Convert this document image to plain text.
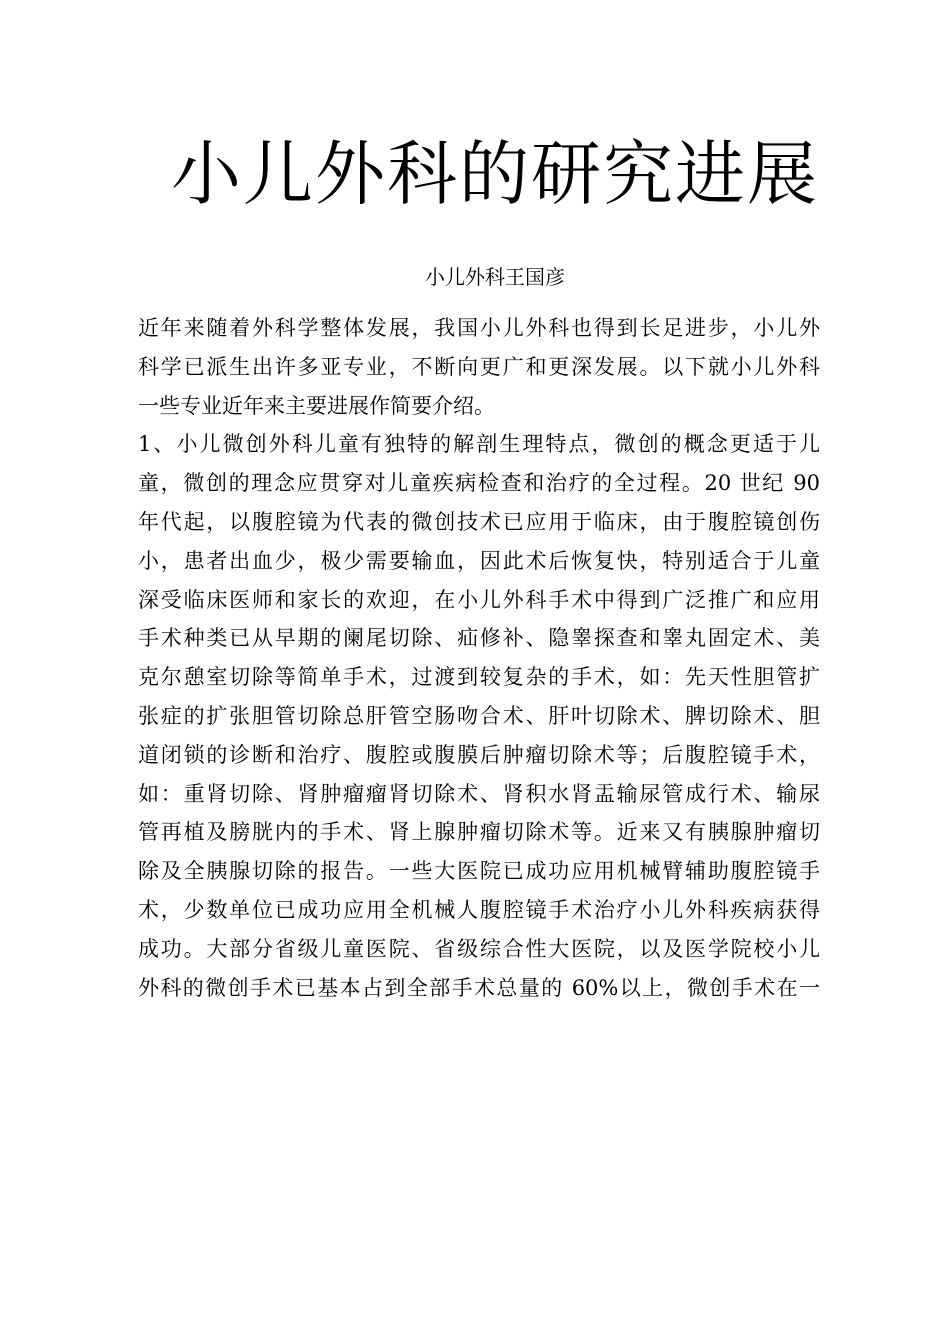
小儿外科的研究进展
小儿外科王国彦
近年来随着外科学整体发展，我国小儿外科也得到长足进步，小儿外
科学已派生出许多亚专业，不断向更广和更深发展。以下就小儿外科
一些专业近年来主要进展作简要介绍。
1、小儿微创外科儿童有独特的解剖生理特点，微创的概念更适于儿
童，微创的理念应贯穿对儿童疾病检查和治疗的全过程。20 世纪 90
年代起，以腹腔镜为代表的微创技术已应用于临床，由于腹腔镜创伤
小，患者出血少，极少需要输血，因此术后恢复快，特别适合于儿童
深受临床医师和家长的欢迎，在小儿外科手术中得到广泛推广和应用
手术种类已从早期的阑尾切除、疝修补、隐睾探查和睾丸固定术、美
克尔憩室切除等简单手术，过渡到较复杂的手术，如：先天性胆管扩
张症的扩张胆管切除总肝管空肠吻合术、肝叶切除术、脾切除术、胆
道闭锁的诊断和治疗、腹腔或腹膜后肿瘤切除术等；后腹腔镜手术，
如：重肾切除、肾肿瘤瘤肾切除术、肾积水肾盂输尿管成行术、输尿
管再植及膀胱内的手术、肾上腺肿瘤切除术等。近来又有胰腺肿瘤切
除及全胰腺切除的报告。一些大医院已成功应用机械臂辅助腹腔镜手
术，少数单位已成功应用全机械人腹腔镜手术治疗小儿外科疾病获得
成功。大部分省级儿童医院、省级综合性大医院，以及医学院校小儿
外科的微创手术已基本占到全部手术总量的 60%以上，微创手术在一
